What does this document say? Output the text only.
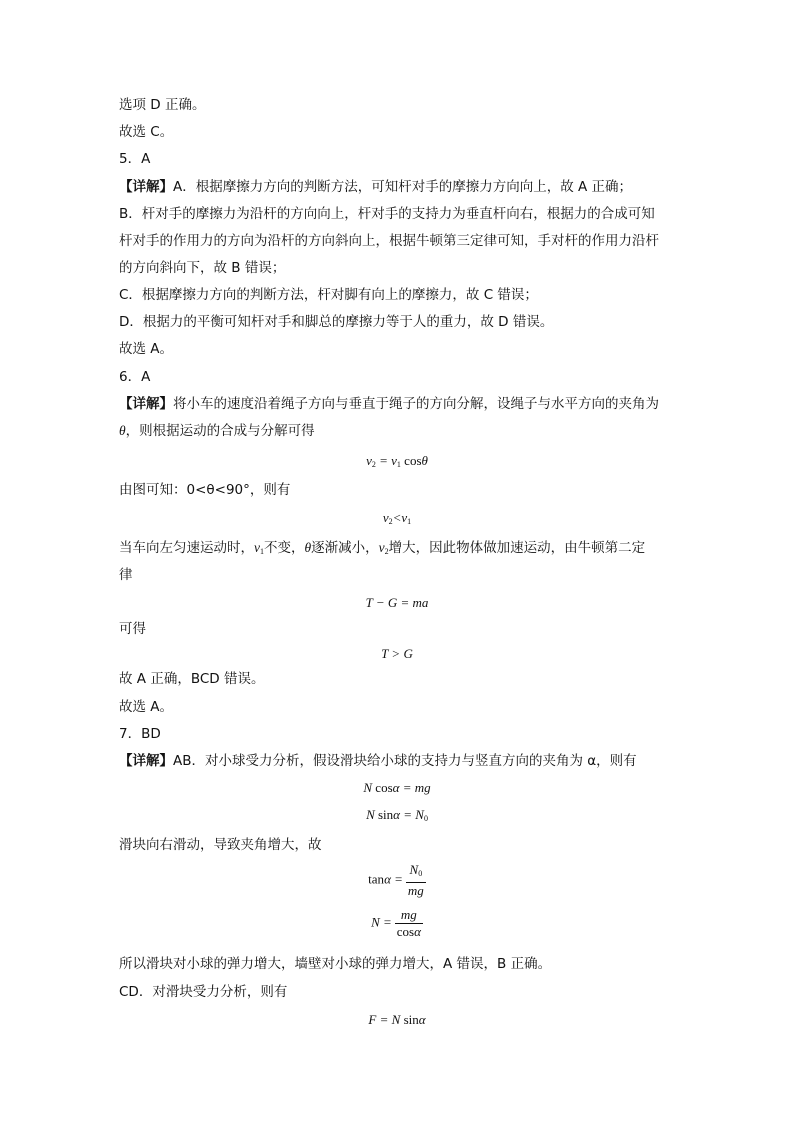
选项 D 正确。
故选 C。
5．A
【详解】A．根据摩擦力方向的判断方法，可知杆对手的摩擦力方向向上，故 A 正确；
B．杆对手的摩擦力为沿杆的方向向上，杆对手的支持力为垂直杆向右，根据力的合成可知
杆对手的作用力的方向为沿杆的方向斜向上，根据牛顿第三定律可知，手对杆的作用力沿杆
的方向斜向下，故 B 错误；
C．根据摩擦力方向的判断方法，杆对脚有向上的摩擦力，故 C 错误；
D．根据力的平衡可知杆对手和脚总的摩擦力等于人的重力，故 D 错误。
故选 A。
6．A
【详解】将小车的速度沿着绳子方向与垂直于绳子的方向分解，设绳子与水平方向的夹角为
θ，则根据运动的合成与分解可得
$v_2 = v_1$ cosθ
由图可知：0<θ<90°，则有
$v_2<v_1$
当车向左匀速运动时，$v_1$不变，θ逐渐减小，$v_2$增大，因此物体做加速运动，由牛顿第二定
律
T − G = ma
可得
T > G
故 A 正确，BCD 错误。
故选 A。
7．BD
【详解】AB．对小球受力分析，假设滑块给小球的支持力与竖直方向的夹角为 α，则有
N cosα = mg
N $\sin\alpha = N_0$
滑块向右滑动，导致夹角增大，故
$\tan\alpha = \frac{N_0}{mg}$
$N = \frac{mg}{\cos\alpha}$
所以滑块对小球的弹力增大，墙壁对小球的弹力增大，A 错误，B 正确。
CD．对滑块受力分析，则有
F = N sinα
